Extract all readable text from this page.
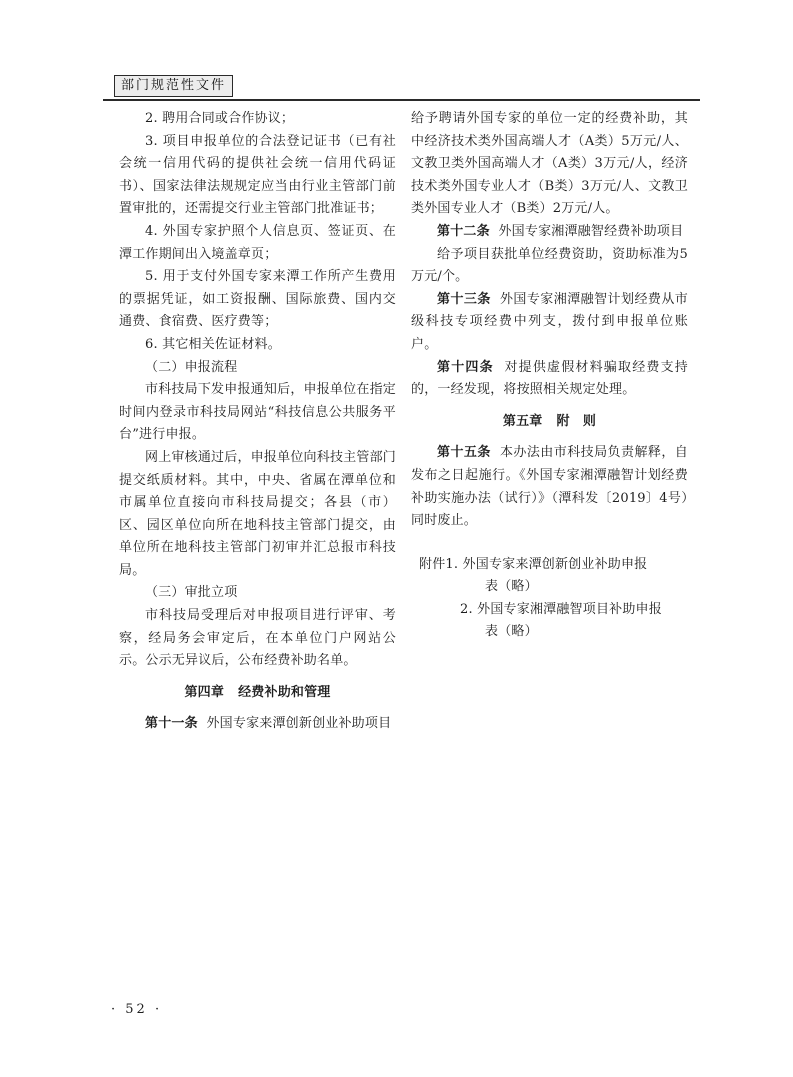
部门规范性文件

2. 聘用合同或合作协议；

3. 项目申报单位的合法登记证书（已有社会统一信用代码的提供社会统一信用代码证书）、国家法律法规规定应当由行业主管部门前置审批的，还需提交行业主管部门批准证书；

4. 外国专家护照个人信息页、签证页、在潭工作期间出入境盖章页；

5. 用于支付外国专家来潭工作所产生费用的票据凭证，如工资报酬、国际旅费、国内交通费、食宿费、医疗费等；

6. 其它相关佐证材料。

（二）申报流程

市科技局下发申报通知后，申报单位在指定时间内登录市科技局网站“科技信息公共服务平台”进行申报。

网上审核通过后，申报单位向科技主管部门提交纸质材料。其中，中央、省属在潭单位和市属单位直接向市科技局提交；各县（市）区、园区单位向所在地科技主管部门提交，由单位所在地科技主管部门初审并汇总报市科技局。

（三）审批立项

市科技局受理后对申报项目进行评审、考察，经局务会审定后，在本单位门户网站公示。公示无异议后，公布经费补助名单。

第四章 经费补助和管理

第十一条 外国专家来潭创新创业补助项目

给予聘请外国专家的单位一定的经费补助，其中经济技术类外国高端人才（A类）5万元/人、文教卫类外国高端人才（A类）3万元/人，经济技术类外国专业人才（B类）3万元/人、文教卫类外国专业人才（B类）2万元/人。

第十二条 外国专家湘潭融智经费补助项目

给予项目获批单位经费资助，资助标准为5万元/个。

第十三条 外国专家湘潭融智计划经费从市级科技专项经费中列支，拨付到申报单位账户。

第十四条 对提供虚假材料骗取经费支持的，一经发现，将按照相关规定处理。

第五章 附　则

第十五条 本办法由市科技局负责解释，自发布之日起施行。《外国专家湘潭融智计划经费补助实施办法（试行）》（潭科发〔2019〕4号）同时废止。

附件 1.
外国专家来潭创新创业补助申报
表（略）
2.
外国专家湘潭融智项目补助申报
表（略）
· 52 ·
